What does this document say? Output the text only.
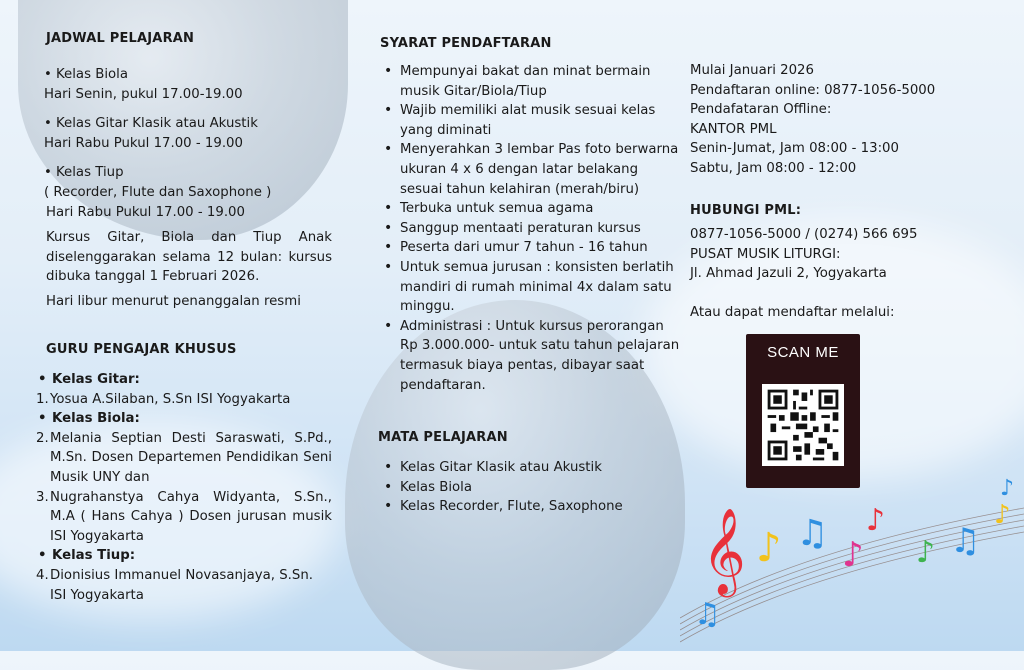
JADWAL PELAJARAN
• Kelas Biola
Hari Senin, pukul 17.00-19.00
• Kelas Gitar Klasik atau Akustik
Hari Rabu Pukul 17.00 - 19.00
• Kelas Tiup
( Recorder, Flute dan Saxophone )
Hari Rabu Pukul 17.00 - 19.00
Kursus Gitar, Biola dan Tiup Anak diselenggarakan selama 12 bulan: kursus dibuka tanggal 1 Februari 2026.
Hari libur menurut penanggalan resmi
GURU PENGAJAR KHUSUS
• Kelas Gitar:
1. Yosua A.Silaban, S.Sn ISI Yogyakarta
• Kelas Biola:
2. Melania Septian Desti Saraswati, S.Pd., M.Sn. Dosen Departemen Pendidikan Seni Musik UNY dan
3. Nugrahanstya Cahya Widyanta, S.Sn., M.A ( Hans Cahya ) Dosen jurusan musik ISI Yogyakarta
• Kelas Tiup:
4. Dionisius Immanuel Novasanjaya, S.Sn. ISI Yogyakarta
SYARAT PENDAFTARAN
• Mempunyai bakat dan minat bermain musik Gitar/Biola/Tiup
• Wajib memiliki alat musik sesuai kelas yang diminati
• Menyerahkan 3 lembar Pas foto berwarna ukuran 4 x 6 dengan latar belakang sesuai tahun kelahiran (merah/biru)
• Terbuka untuk semua agama
• Sanggup mentaati peraturan kursus
• Peserta dari umur 7 tahun - 16 tahun
• Untuk semua jurusan : konsisten berlatih mandiri di rumah minimal 4x dalam satu minggu.
• Administrasi : Untuk kursus perorangan Rp 3.000.000- untuk satu tahun pelajaran termasuk biaya pentas, dibayar saat pendaftaran.
MATA PELAJARAN
• Kelas Gitar Klasik atau Akustik
• Kelas Biola
• Kelas Recorder, Flute, Saxophone
Mulai Januari 2026
Pendaftaran online: 0877-1056-5000
Pendafataran Offline:
KANTOR PML
Senin-Jumat, Jam 08:00 - 13:00
Sabtu, Jam 08:00 - 12:00
HUBUNGI PML:
0877-1056-5000 / (0274) 566 695
PUSAT MUSIK LITURGI:
Jl. Ahmad Jazuli 2, Yogyakarta
Atau dapat mendaftar melalui:
SCAN ME
𝄞 ♪ ♫
♪
♪
♪ ♫
♪
♪
♫
